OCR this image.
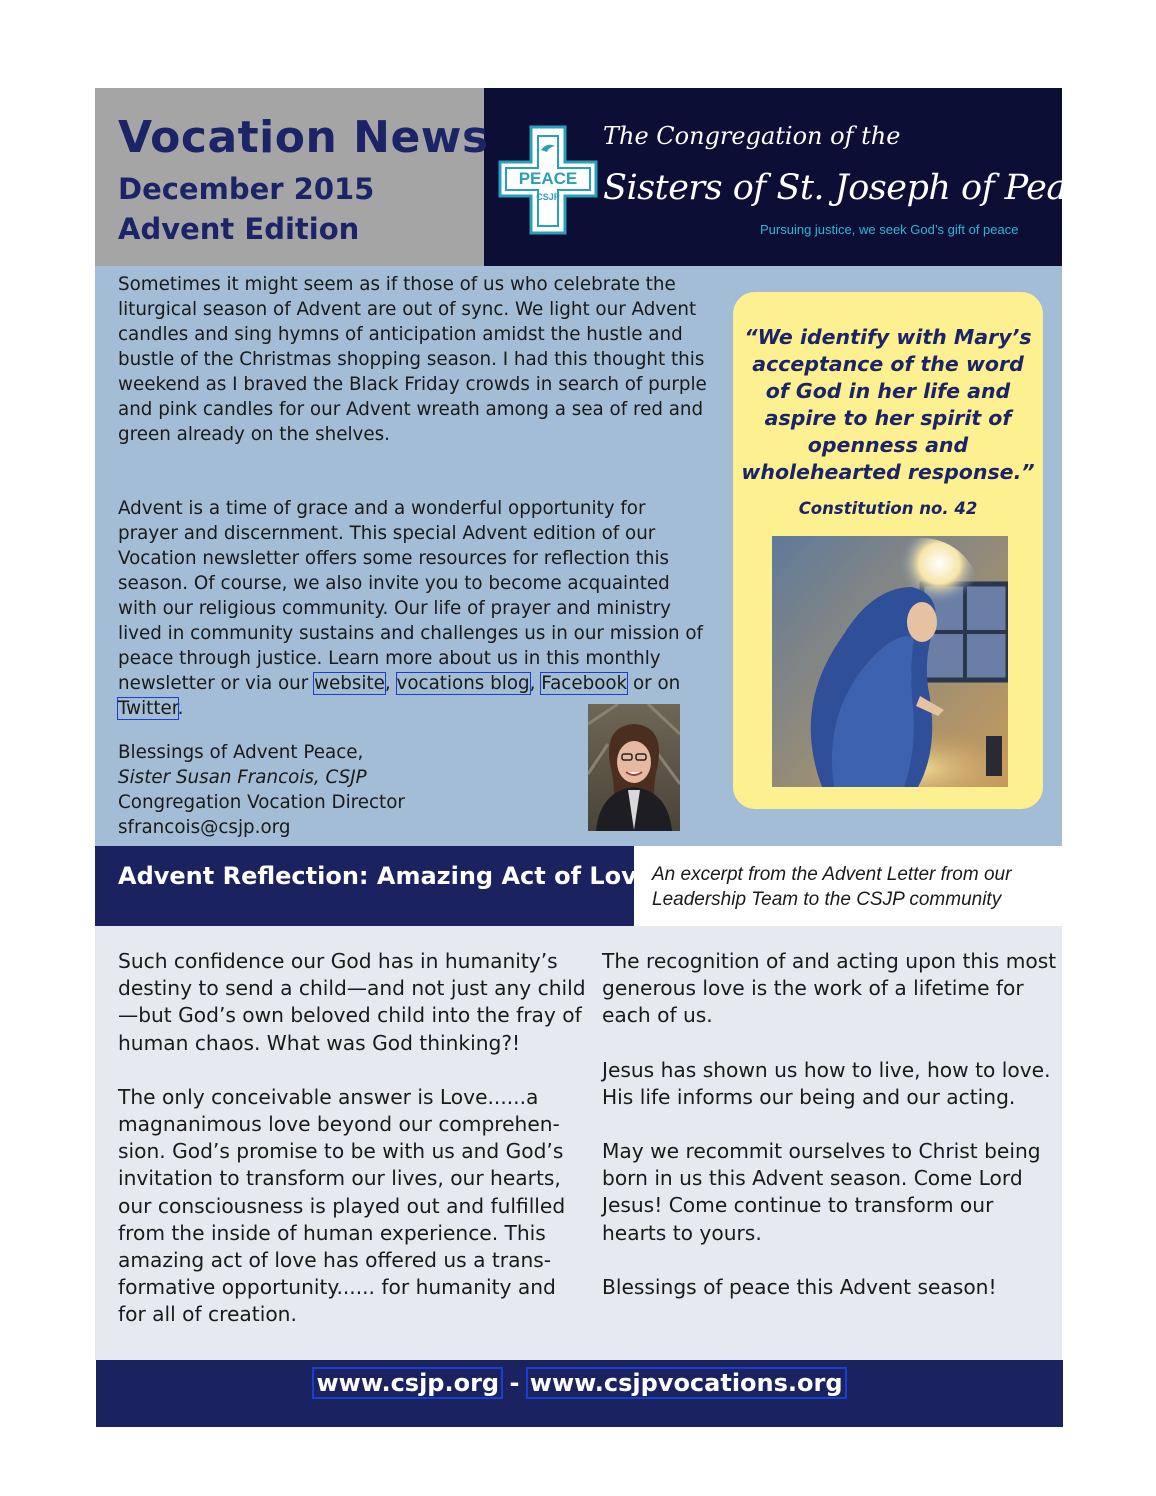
Vocation News
December 2015
Advent Edition
PEACE
CSJP
The Congregation of the
Sisters of St. Joseph of Peace
Pursuing justice, we seek God’s gift of peace

Sometimes it might seem as if those of us who celebrate the liturgical season of Advent are out of sync. We light our Advent candles and sing hymns of anticipation amidst the hustle and bustle of the Christmas shopping season. I had this thought this weekend as I braved the Black Friday crowds in search of purple and pink candles for our Advent wreath among a sea of red and green already on the shelves.

Advent is a time of grace and a wonderful opportunity for prayer and discernment. This special Advent edition of our Vocation newsletter offers some resources for reflection this season. Of course, we also invite you to become acquainted with our religious community. Our life of prayer and ministry lived in community sustains and challenges us in our mission of peace through justice. Learn more about us in this monthly newsletter or via our website, vocations blog, Facebook or on Twitter.

Blessings of Advent Peace,
Sister Susan Francois, CSJP
Congregation Vocation Director
sfrancois@csjp.org
“We identify with Mary’s acceptance of the word of God in her life and aspire to her spirit of openness and wholehearted response.”
Constitution no. 42
Advent Reflection: Amazing Act of Love
An excerpt from the Advent Letter from our Leadership Team to the CSJP community

Such confidence our God has in humanity’s destiny to send a child—and not just any child—but God’s own beloved child into the fray of human chaos. What was God thinking?!

The only conceivable answer is Love......a magnanimous love beyond our comprehen-sion. God’s promise to be with us and God’s invitation to transform our lives, our hearts, our consciousness is played out and fulfilled from the inside of human experience. This amazing act of love has offered us a trans-formative opportunity...... for humanity and for all of creation.

The recognition of and acting upon this most generous love is the work of a lifetime for each of us.

Jesus has shown us how to live, how to love. His life informs our being and our acting.

May we recommit ourselves to Christ being born in us this Advent season. Come Lord Jesus! Come continue to transform our hearts to yours.

Blessings of peace this Advent season!

www.csjp.org - www.csjpvocations.org
